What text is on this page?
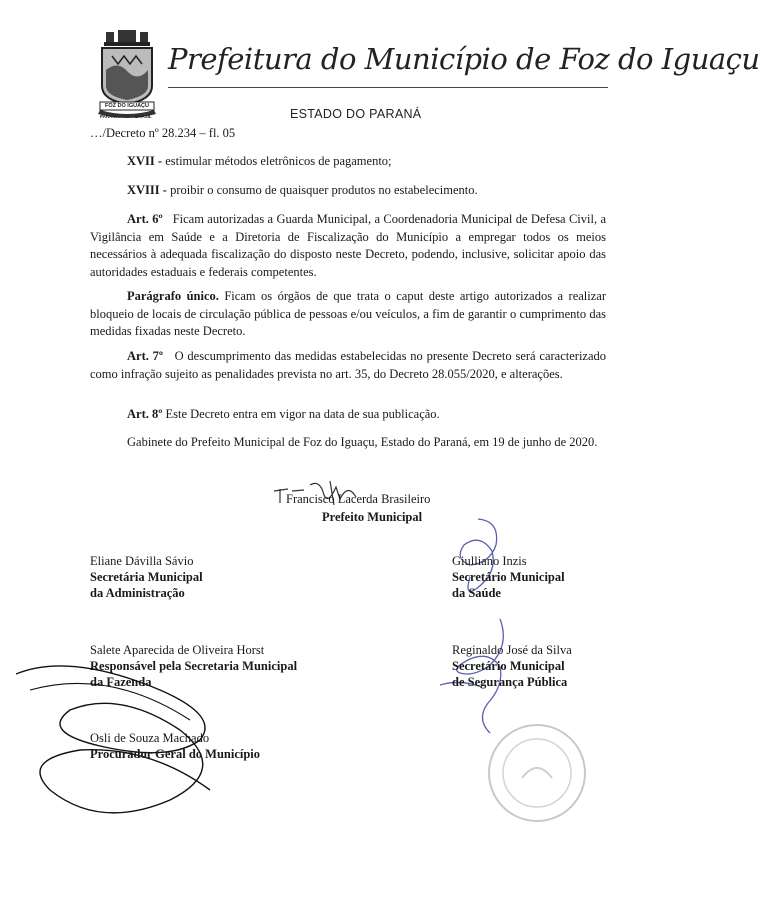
FOZ DO IGUAÇU
PARANÁ	BRASIL
Prefeitura do Município de Foz do Iguaçu
ESTADO DO PARANÁ
…/Decreto nº 28.234 – fl. 05
XVII - estimular métodos eletrônicos de pagamento;
XVIII - proibir o consumo de quaisquer produtos no estabelecimento.
Art. 6º Ficam autorizadas a Guarda Municipal, a Coordenadoria Municipal de Defesa Civil, a Vigilância em Saúde e a Diretoria de Fiscalização do Município a empregar todos os meios necessários à adequada fiscalização do disposto neste Decreto, podendo, inclusive, solicitar apoio das autoridades estaduais e federais competentes.
Parágrafo único. Ficam os órgãos de que trata o caput deste artigo autorizados a realizar bloqueio de locais de circulação pública de pessoas e/ou veículos, a fim de garantir o cumprimento das medidas fixadas neste Decreto.
Art. 7º O descumprimento das medidas estabelecidas no presente Decreto será caracterizado como infração sujeito as penalidades prevista no art. 35, do Decreto 28.055/2020, e alterações.
Art. 8º Este Decreto entra em vigor na data de sua publicação.
Gabinete do Prefeito Municipal de Foz do Iguaçu, Estado do Paraná, em 19 de junho de 2020.
Francisco Lacerda Brasileiro
Prefeito Municipal
Eliane Dávilla Sávio
Secretária Municipal
da Administração
Giulliano Inzis
Secretário Municipal
da Saúde
Salete Aparecida de Oliveira Horst
Responsável pela Secretaria Municipal
da Fazenda
Reginaldo José da Silva
Secretário Municipal
de Segurança Pública
Osli de Souza Machado
Procurador Geral do Município
